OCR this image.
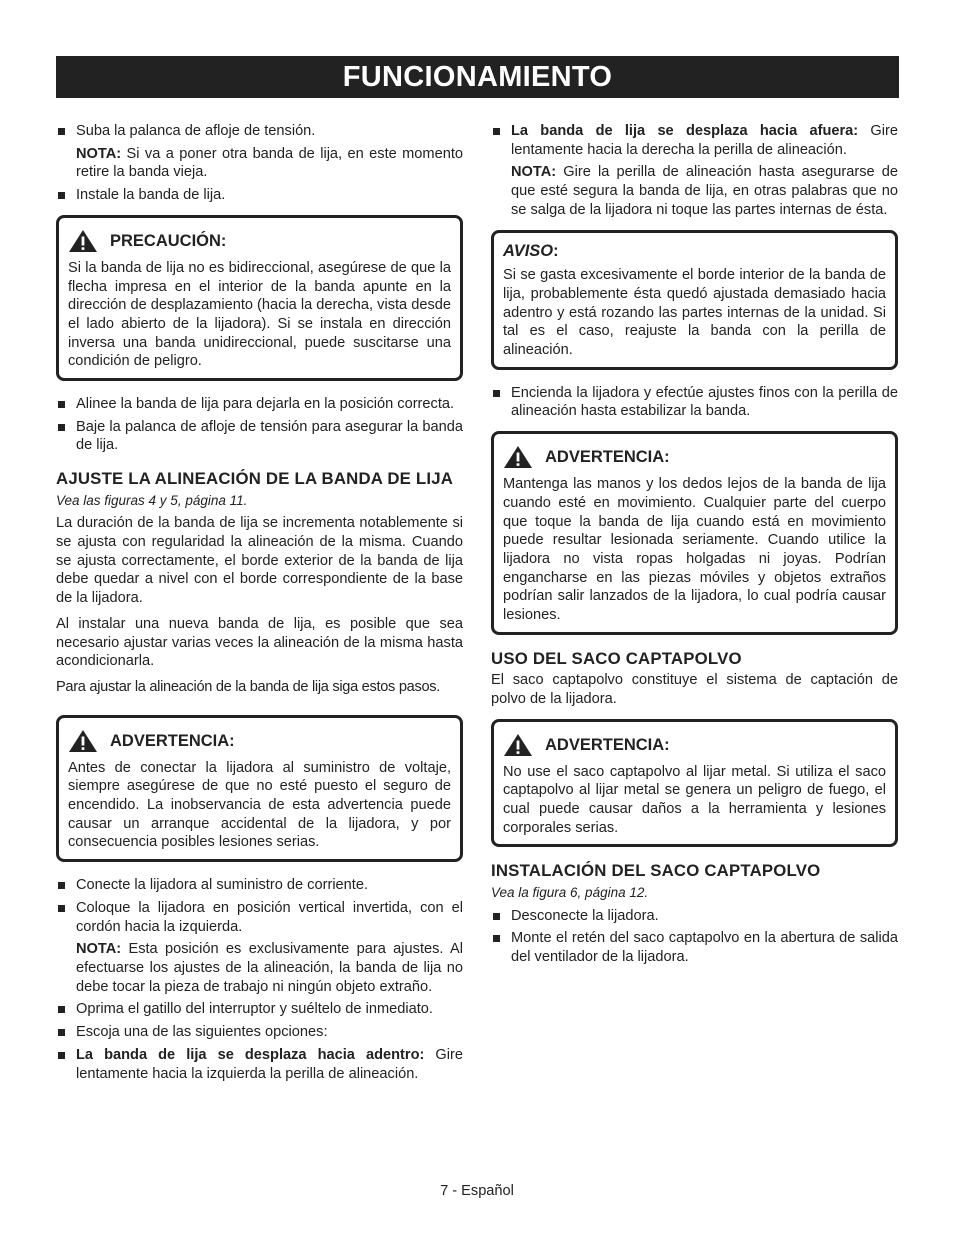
FUNCIONAMIENTO

Suba la palanca de afloje de tensión.

NOTA: Si va a poner otra banda de lija, en este momento retire la banda vieja.

Instale la banda de lija.

PRECAUCIÓN:

Si la banda de lija no es bidireccional, asegúrese de que la flecha impresa en el interior de la banda apunte en la dirección de desplazamiento (hacia la derecha, vista desde el lado abierto de la lijadora). Si se instala en dirección inversa una banda unidireccional, puede suscitarse una condición de peligro.

Alinee la banda de lija para dejarla en la posición correcta.

Baje la palanca de afloje de tensión para asegurar la banda de lija.

AJUSTE LA ALINEACIÓN DE LA BANDA DE LIJA

Vea las figuras 4 y 5, página 11.

La duración de la banda de lija se incrementa notablemente si se ajusta con regularidad la alineación de la misma. Cuando se ajusta correctamente, el borde exterior de la banda de lija debe quedar a nivel con el borde correspondiente de la base de la lijadora.

Al instalar una nueva banda de lija, es posible que sea necesario ajustar varias veces la alineación de la misma hasta acondicionarla.

Para ajustar la alineación de la banda de lija siga estos pasos.

ADVERTENCIA:

Antes de conectar la lijadora al suministro de voltaje, siempre asegúrese de que no esté puesto el seguro de encendido. La inobservancia de esta advertencia puede causar un arranque accidental de la lijadora, y por consecuencia posibles lesiones serias.

Conecte la lijadora al suministro de corriente.

Coloque la lijadora en posición vertical invertida, con el cordón hacia la izquierda.

NOTA: Esta posición es exclusivamente para ajustes. Al efectuarse los ajustes de la alineación, la banda de lija no debe tocar la pieza de trabajo ni ningún objeto extraño.

Oprima el gatillo del interruptor y suéltelo de inmediato.

Escoja una de las siguientes opciones:

La banda de lija se desplaza hacia adentro: Gire lentamente hacia la izquierda la perilla de alineación.

La banda de lija se desplaza hacia afuera: Gire lentamente hacia la derecha la perilla de alineación.

NOTA: Gire la perilla de alineación hasta asegurarse de que esté segura la banda de lija, en otras palabras que no se salga de la lijadora ni toque las partes internas de ésta.

AVISO:

Si se gasta excesivamente el borde interior de la banda de lija, probablemente ésta quedó ajustada demasiado hacia adentro y está rozando las partes internas de la unidad. Si tal es el caso, reajuste la banda con la perilla de alineación.

Encienda la lijadora y efectúe ajustes finos con la perilla de alineación hasta estabilizar la banda.

ADVERTENCIA:

Mantenga las manos y los dedos lejos de la banda de lija cuando esté en movimiento. Cualquier parte del cuerpo que toque la banda de lija cuando está en movimiento puede resultar lesionada seriamente. Cuando utilice la lijadora no vista ropas holgadas ni joyas. Podrían engancharse en las piezas móviles y objetos extraños podrían salir lanzados de la lijadora, lo cual podría causar lesiones.

USO DEL SACO CAPTAPOLVO

El saco captapolvo constituye el sistema de captación de polvo de la lijadora.

ADVERTENCIA:

No use el saco captapolvo al lijar metal. Si utiliza el saco captapolvo al lijar metal se genera un peligro de fuego, el cual puede causar daños a la herramienta y lesiones corporales serias.

INSTALACIÓN DEL SACO CAPTAPOLVO

Vea la figura 6, página 12.

Desconecte la lijadora.

Monte el retén del saco captapolvo en la abertura de salida del ventilador de la lijadora.

7 - Español
